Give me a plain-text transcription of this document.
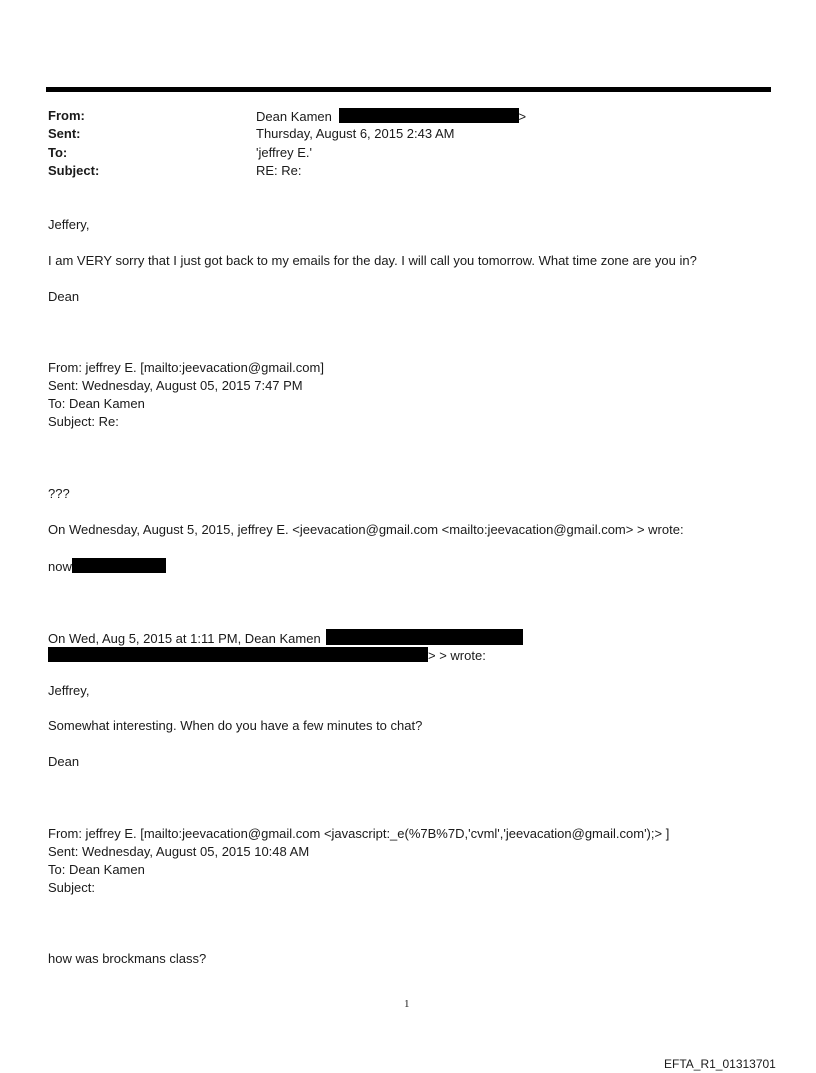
From:
Sent:
To:
Subject:
Dean Kamen	>
Thursday, August 6, 2015 2:43 AM
'jeffrey E.'
RE: Re:
Jeffery,
I am VERY sorry that I just got back to my emails for the day. I will call you tomorrow. What time zone are you in?
Dean
From: jeffrey E. [mailto:jeevacation@gmail.com]
Sent: Wednesday, August 05, 2015 7:47 PM
To: Dean Kamen
Subject: Re:
???
On Wednesday, August 5, 2015, jeffrey E. <jeevacation@gmail.com <mailto:jeevacation@gmail.com> > wrote:
now
On Wed, Aug 5, 2015 at 1:11 PM, Dean Kamen
> > wrote:
Jeffrey,
Somewhat interesting. When do you have a few minutes to chat?
Dean
From: jeffrey E. [mailto:jeevacation@gmail.com <javascript:_e(%7B%7D,'cvml','jeevacation@gmail.com');> ]
Sent: Wednesday, August 05, 2015 10:48 AM
To: Dean Kamen
Subject:
how was brockmans class?
1
EFTA_R1_01313701
